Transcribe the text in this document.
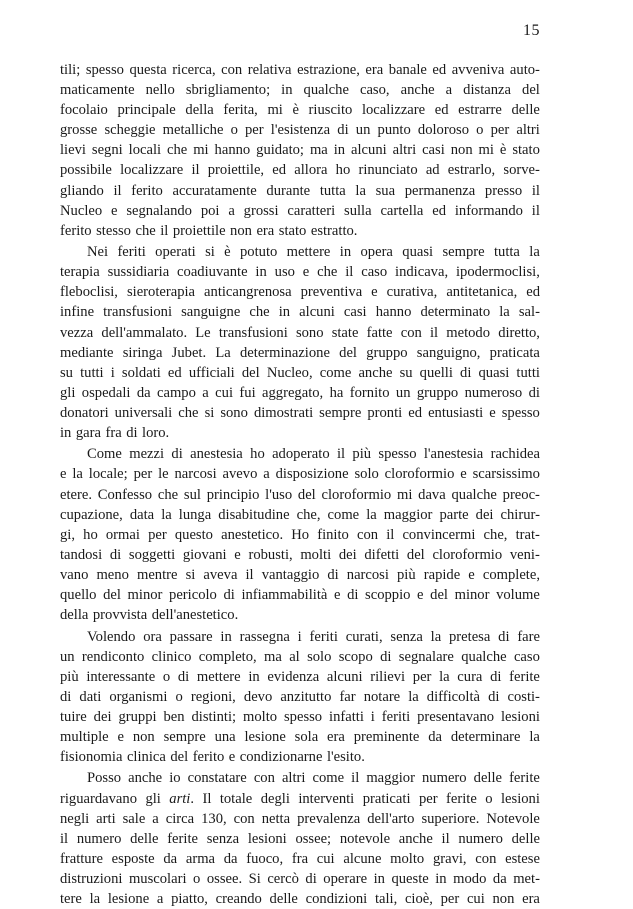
15
tili; spesso questa ricerca, con relativa estrazione, era banale ed avveniva auto-
maticamente nello sbrigliamento; in qualche caso, anche a distanza del
focolaio principale della ferita, mi è riuscito localizzare ed estrarre delle
grosse scheggie metalliche o per l'esistenza di un punto doloroso o per altri
lievi segni locali che mi hanno guidato; ma in alcuni altri casi non mi è stato
possibile localizzare il proiettile, ed allora ho rinunciato ad estrarlo, sorve-
gliando il ferito accuratamente durante tutta la sua permanenza presso il
Nucleo e segnalando poi a grossi caratteri sulla cartella ed informando il
ferito stesso che il proiettile non era stato estratto.
Nei feriti operati si è potuto mettere in opera quasi sempre tutta la
terapia sussidiaria coadiuvante in uso e che il caso indicava, ipodermoclisi,
fleboclisi, sieroterapia anticangrenosa preventiva e curativa, antitetanica, ed
infine transfusioni sanguigne che in alcuni casi hanno determinato la sal-
vezza dell'ammalato. Le transfusioni sono state fatte con il metodo diretto,
mediante siringa Jubet. La determinazione del gruppo sanguigno, praticata
su tutti i soldati ed ufficiali del Nucleo, come anche su quelli di quasi tutti
gli ospedali da campo a cui fui aggregato, ha fornito un gruppo numeroso di
donatori universali che si sono dimostrati sempre pronti ed entusiasti e spesso
in gara fra di loro.
Come mezzi di anestesia ho adoperato il più spesso l'anestesia rachidea
e la locale; per le narcosi avevo a disposizione solo cloroformio e scarsissimo
etere. Confesso che sul principio l'uso del cloroformio mi dava qualche preoc-
cupazione, data la lunga disabitudine che, come la maggior parte dei chirur-
gi, ho ormai per questo anestetico. Ho finito con il convincermi che, trat-
tandosi di soggetti giovani e robusti, molti dei difetti del cloroformio veni-
vano meno mentre si aveva il vantaggio di narcosi più rapide e complete,
quello del minor pericolo di infiammabilità e di scoppio e del minor volume
della provvista dell'anestetico.
Volendo ora passare in rassegna i feriti curati, senza la pretesa di fare
un rendiconto clinico completo, ma al solo scopo di segnalare qualche caso
più interessante o di mettere in evidenza alcuni rilievi per la cura di ferite
di dati organismi o regioni, devo anzitutto far notare la difficoltà di costi-
tuire dei gruppi ben distinti; molto spesso infatti i feriti presentavano lesioni
multiple e non sempre una lesione sola era preminente da determinare la
fisionomia clinica del ferito e condizionarne l'esito.
Posso anche io constatare con altri come il maggior numero delle ferite
riguardavano gli arti. Il totale degli interventi praticati per ferite o lesioni
negli arti sale a circa 130, con netta prevalenza dell'arto superiore. Notevole
il numero delle ferite senza lesioni ossee; notevole anche il numero delle
fratture esposte da arma da fuoco, fra cui alcune molto gravi, con estese
distruzioni muscolari o ossee. Si cercò di operare in queste in modo da met-
tere la lesione a piatto, creando delle condizioni tali, cioè, per cui non era
